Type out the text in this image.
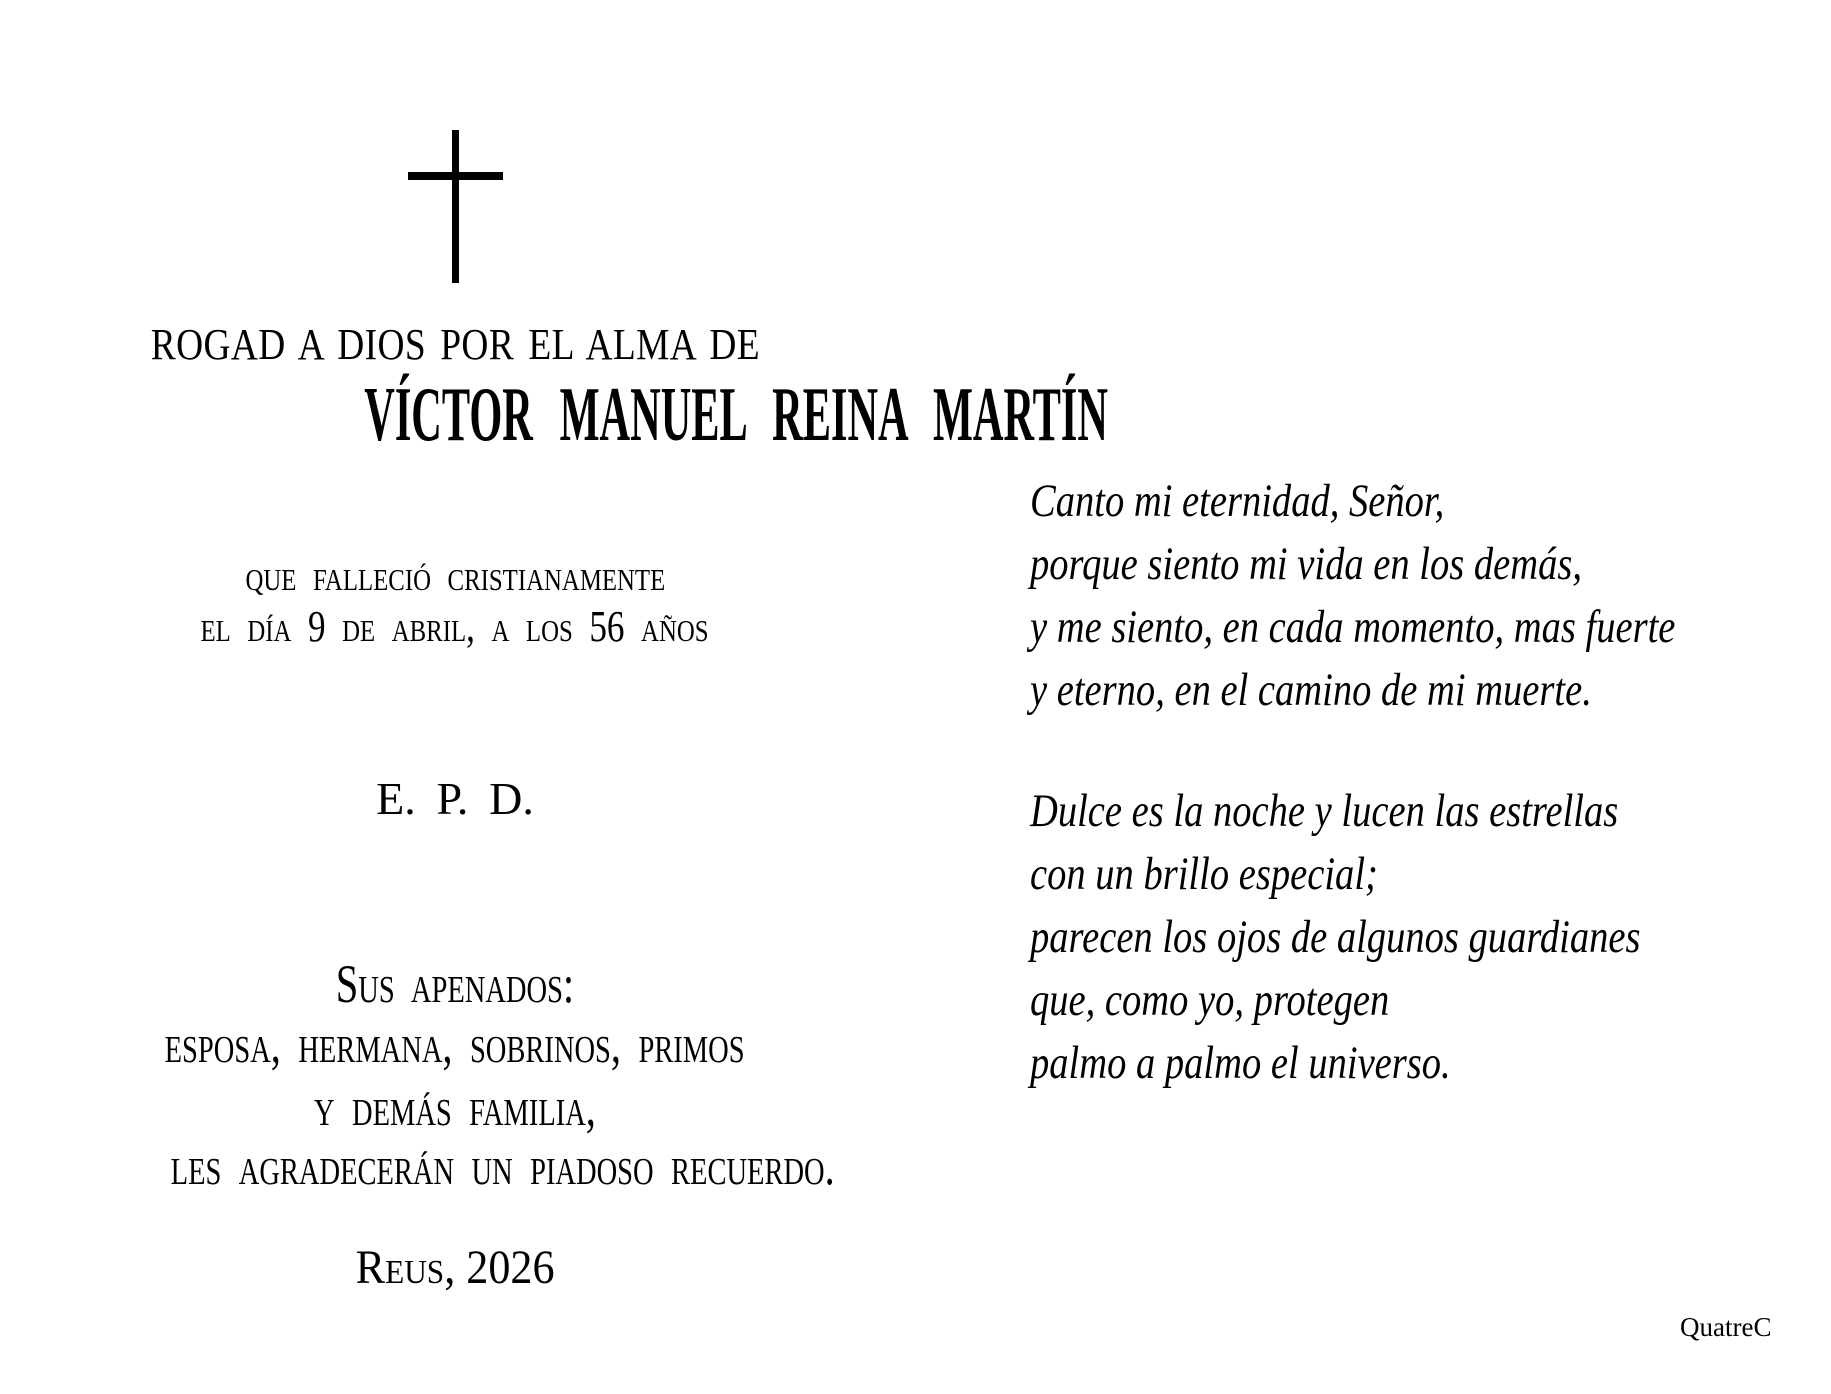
ROGAD A DIOS POR EL ALMA DE
VÍCTOR MANUEL REINA MARTÍN
que falleció cristianamente
el día 9 de abril, a los 56 años
E. P. D.
Sus apenados:
esposa, hermana, sobrinos, primos
y demás familia,
les agradecerán un piadoso recuerdo.
Reus, 2026
Canto mi eternidad, Señor,
porque siento mi vida en los demás,
y me siento, en cada momento, mas fuerte
y eterno, en el camino de mi muerte.
Dulce es la noche y lucen las estrellas
con un brillo especial;
parecen los ojos de algunos guardianes
que, como yo, protegen
palmo a palmo el universo.
QuatreC
